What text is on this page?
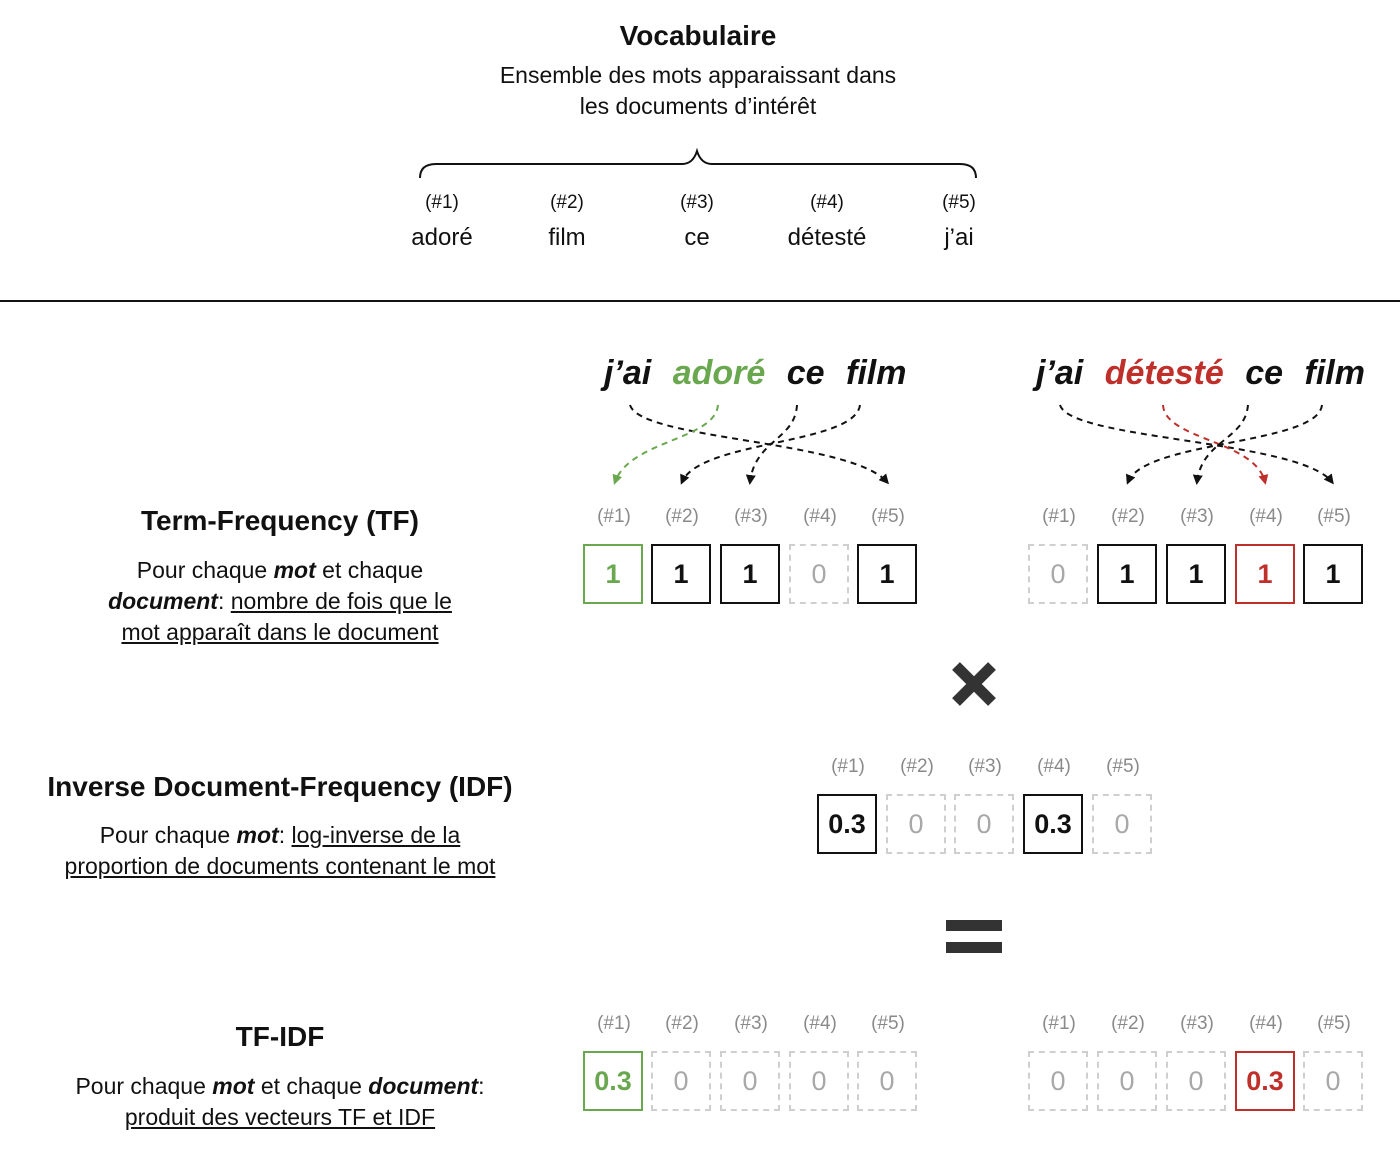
Vocabulaire
Ensemble des mots apparaissant dans
les documents d’intérêt
(#1)	(#2)	(#3)	(#4)	(#5)
adoré	film	ce	détesté	j’ai
j’ai adoré ce film	j’ai détesté ce film
Term-Frequency (TF)
Pour chaque mot et chaque
document: nombre de fois que le
mot apparaît dans le document
(#1)	(#2)	(#3)	(#4)	(#5)
1	1	1	0	1
(#1)	(#2)	(#3)	(#4)	(#5)
0	1	1	1	1
Inverse Document-Frequency (IDF)
Pour chaque mot: log-inverse de la
proportion de documents contenant le mot
(#1)	(#2)	(#3)	(#4)	(#5)
0.3	0	0	0.3	0
TF-IDF
Pour chaque mot et chaque document:
produit des vecteurs TF et IDF
(#1)	(#2)	(#3)	(#4)	(#5)
0.3	0	0	0	0
(#1)	(#2)	(#3)	(#4)	(#5)
0	0	0	0.3	0
